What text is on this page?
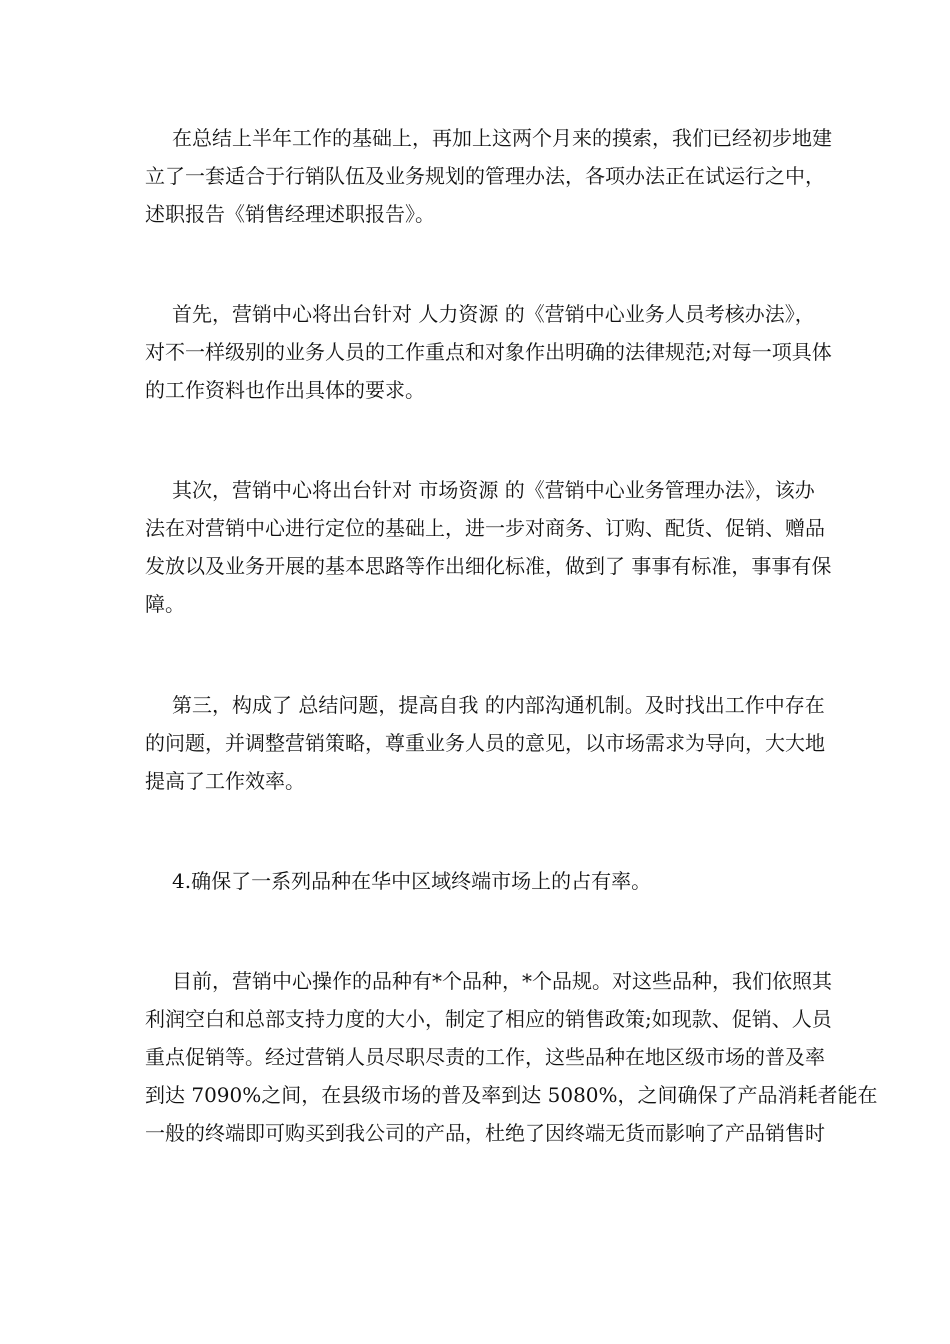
在总结上半年工作的基础上，再加上这两个月来的摸索，我们已经初步地建
立了一套适合于行销队伍及业务规划的管理办法，各项办法正在试运行之中，
述职报告《销售经理述职报告》。
首先，营销中心将出台针对 人力资源 的《营销中心业务人员考核办法》，
对不一样级别的业务人员的工作重点和对象作出明确的法律规范;对每一项具体
的工作资料也作出具体的要求。
其次，营销中心将出台针对 市场资源 的《营销中心业务管理办法》，该办
法在对营销中心进行定位的基础上，进一步对商务、订购、配货、促销、赠品
发放以及业务开展的基本思路等作出细化标准，做到了 事事有标准，事事有保
障。
第三，构成了 总结问题，提高自我 的内部沟通机制。及时找出工作中存在
的问题，并调整营销策略，尊重业务人员的意见，以市场需求为导向，大大地
提高了工作效率。
4.确保了一系列品种在华中区域终端市场上的占有率。
目前，营销中心操作的品种有*个品种，*个品规。对这些品种，我们依照其
利润空白和总部支持力度的大小，制定了相应的销售政策;如现款、促销、人员
重点促销等。经过营销人员尽职尽责的工作，这些品种在地区级市场的普及率
到达 7090%之间，在县级市场的普及率到达 5080%，之间确保了产品消耗者能在
一般的终端即可购买到我公司的产品，杜绝了因终端无货而影响了产品销售时
